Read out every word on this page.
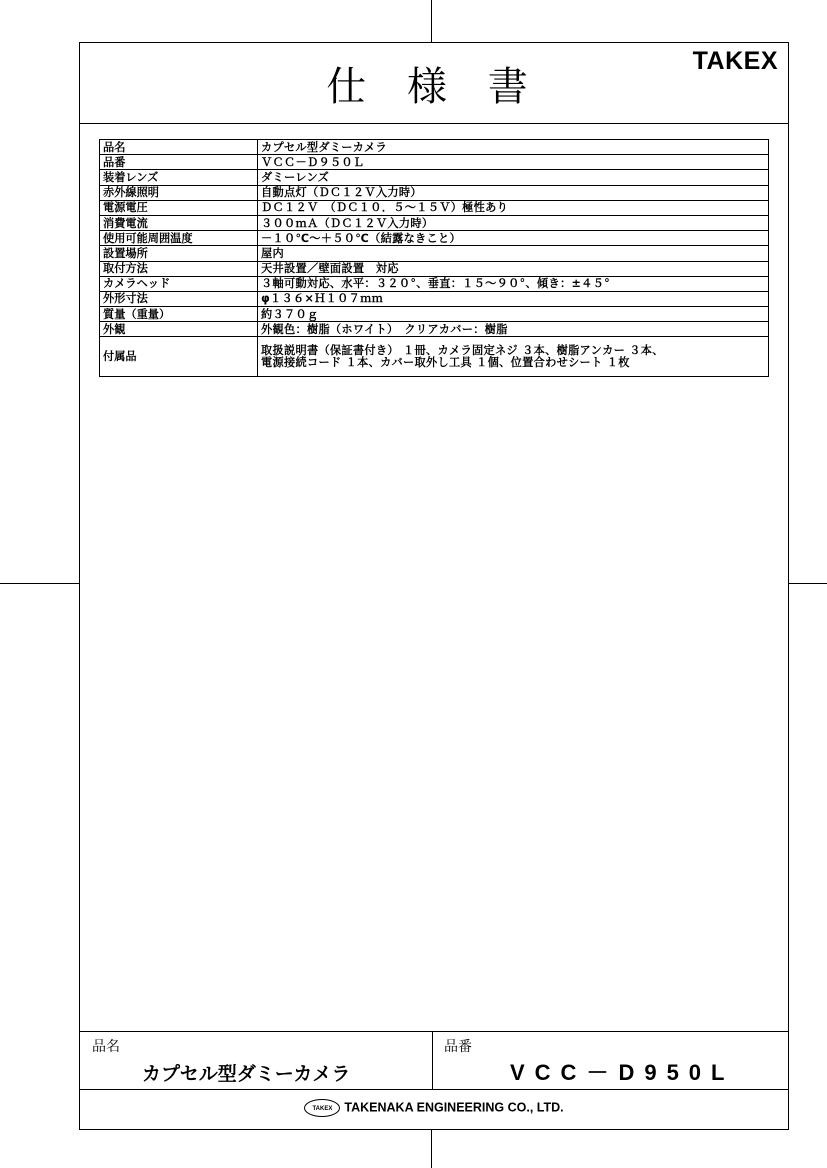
仕 様 書
TAKEX
品名	カプセル型ダミーカメラ
品番	ＶＣＣ－Ｄ９５０Ｌ
装着レンズ	ダミーレンズ
赤外線照明	自動点灯（ＤＣ１２Ｖ入力時）
電源電圧	ＤＣ１２Ｖ　（ＤＣ１０．５～１５Ｖ）極性あり
消費電流	３００ｍＡ（ＤＣ１２Ｖ入力時）
使用可能周囲温度	－１０℃～＋５０℃（結露なきこと）
設置場所	屋内
取付方法	天井設置／壁面設置　対応
カメラヘッド	３軸可動対応、水平：３２０°、垂直：１５～９０°、傾き：±４５°
外形寸法	φ１３６×Ｈ１０７ｍｍ
質量（重量）	約３７０ｇ
外観	外観色：樹脂（ホワイト）　クリアカバー：樹脂
付属品	取扱説明書（保証書付き） １冊、カメラ固定ネジ ３本、樹脂アンカー ３本、
電源接続コード １本、カバー取外し工具 １個、位置合わせシート １枚
品名
カプセル型ダミーカメラ
品番
VCC－D950L
TAKEX TAKENAKA ENGINEERING CO., LTD.
